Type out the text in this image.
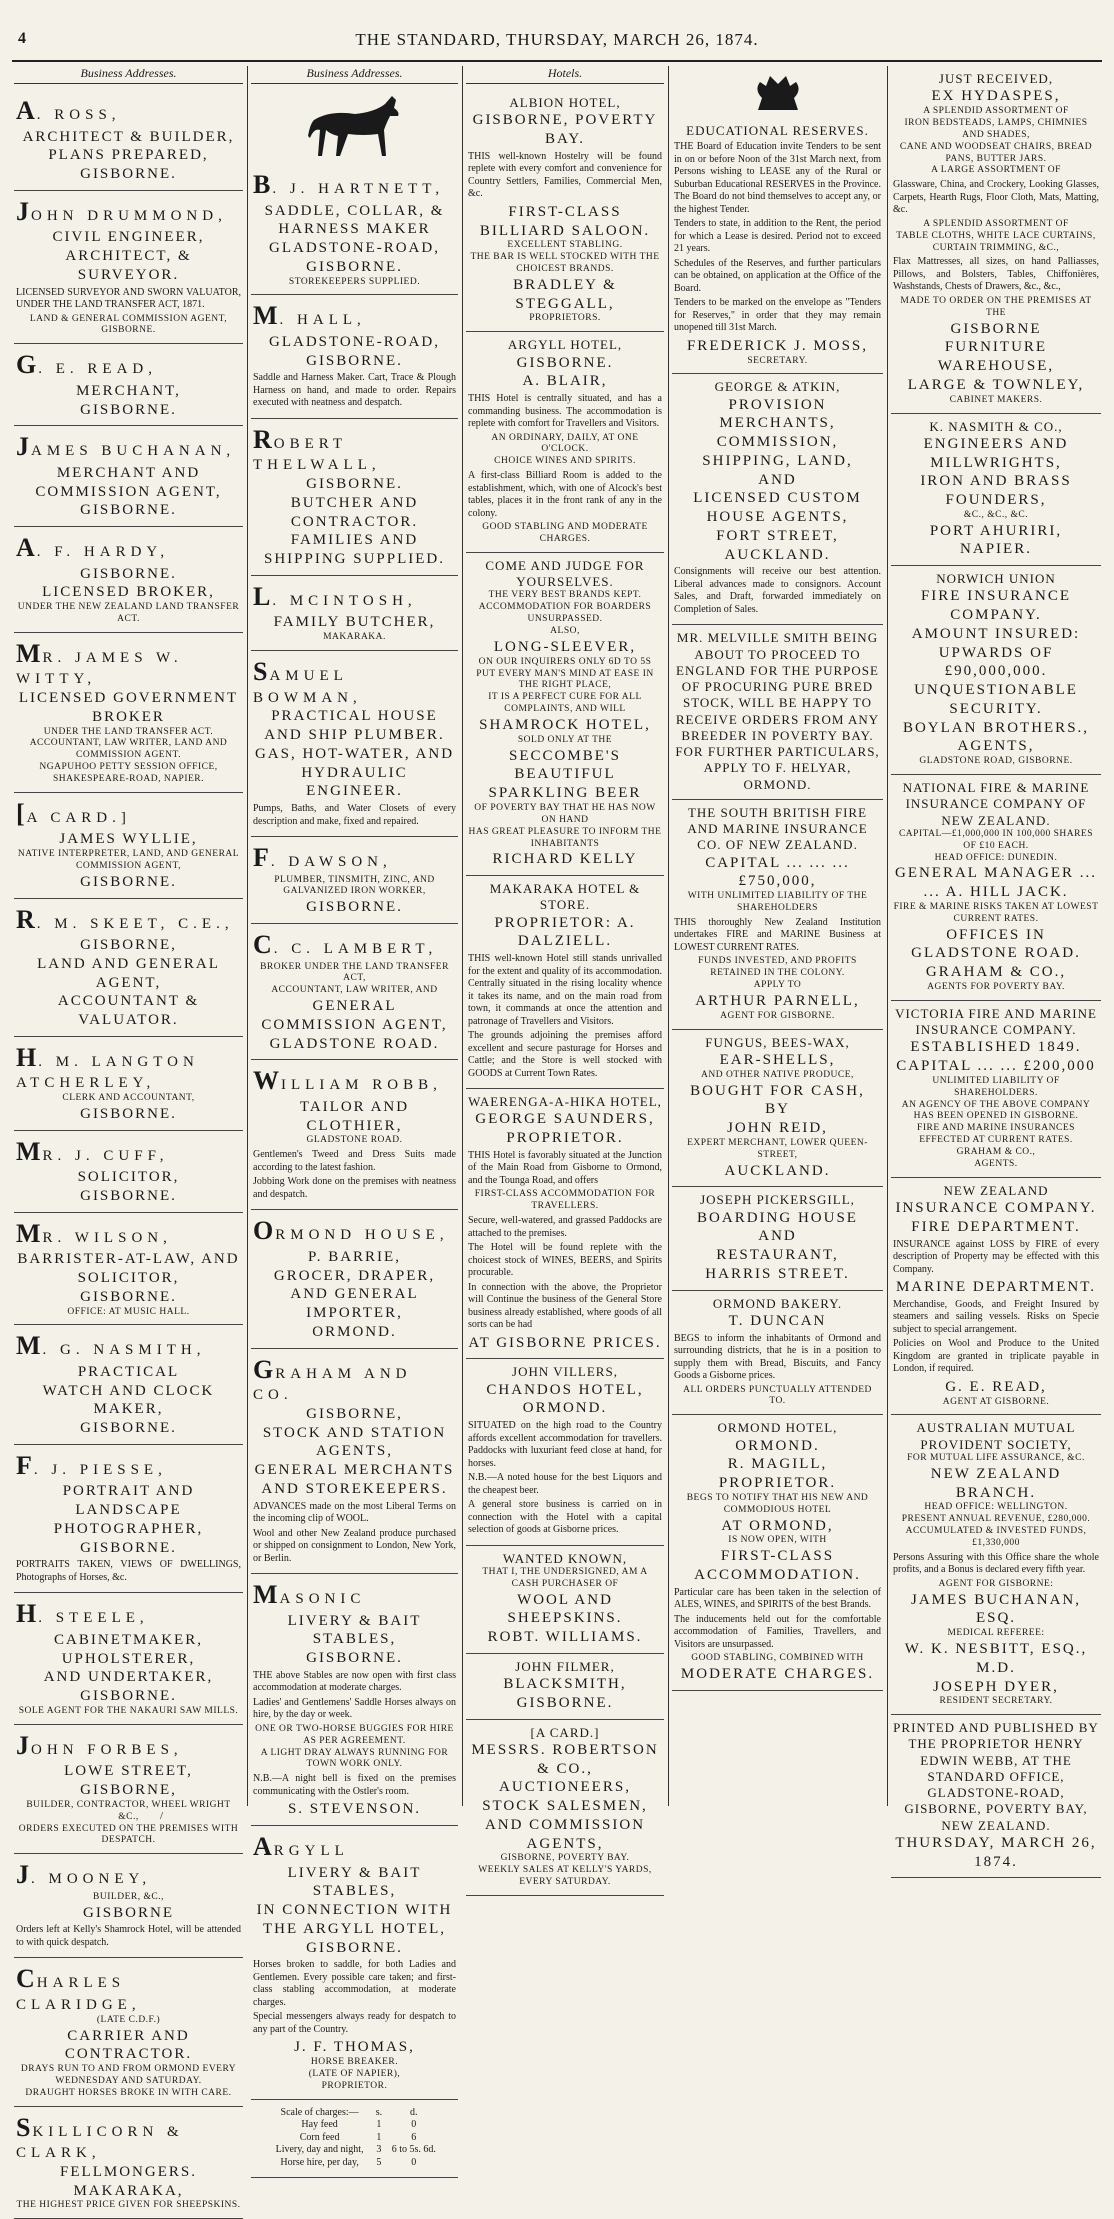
4	THE STANDARD, THURSDAY, MARCH 26, 1874.
Business Addresses.
A. ROSS,
ARCHITECT & BUILDER,
PLANS PREPARED,
GISBORNE.
JOHN DRUMMOND,
CIVIL ENGINEER, ARCHITECT, & SURVEYOR.

LICENSED SURVEYOR AND SWORN VALUATOR, UNDER THE LAND TRANSFER ACT, 1871.

LAND & GENERAL COMMISSION AGENT, GISBORNE.
G. E. READ,
MERCHANT,
GISBORNE.
JAMES BUCHANAN,
MERCHANT AND COMMISSION AGENT,
GISBORNE.
A. F. HARDY,
GISBORNE.
LICENSED BROKER,
UNDER THE NEW ZEALAND LAND TRANSFER ACT.
MR. JAMES W. WITTY,
LICENSED GOVERNMENT BROKER
UNDER THE LAND TRANSFER ACT.
ACCOUNTANT, LAW WRITER, LAND AND COMMISSION AGENT.
NGAPUHOO PETTY SESSION OFFICE, SHAKESPEARE-ROAD, NAPIER.
[A CARD.]
JAMES WYLLIE,
NATIVE INTERPRETER, LAND, AND GENERAL COMMISSION AGENT,
GISBORNE.
R. M. SKEET, C.E.,
GISBORNE,
LAND AND GENERAL AGENT,
ACCOUNTANT & VALUATOR.
H. M. LANGTON ATCHERLEY,
CLERK AND ACCOUNTANT,
GISBORNE.
MR. J. CUFF,
SOLICITOR,
GISBORNE.
MR. WILSON,
BARRISTER-AT-LAW, AND SOLICITOR,
GISBORNE.
OFFICE: AT MUSIC HALL.
M. G. NASMITH,
PRACTICAL
WATCH AND CLOCK MAKER,
GISBORNE.
F. J. PIESSE,
PORTRAIT AND LANDSCAPE
PHOTOGRAPHER,
GISBORNE.

PORTRAITS TAKEN, VIEWS OF DWELLINGS, Photographs of Horses, &c.

H. STEELE,
CABINETMAKER, UPHOLSTERER,
AND UNDERTAKER, GISBORNE.
SOLE AGENT FOR THE NAKAURI SAW MILLS.
JOHN FORBES,
LOWE STREET, GISBORNE,
BUILDER, CONTRACTOR, WHEEL WRIGHT &C.,
ORDERS EXECUTED ON THE PREMISES WITH DESPATCH.
J. MOONEY,
BUILDER, &C.,
GISBORNE

Orders left at Kelly's Shamrock Hotel, will be attended to with quick despatch.

CHARLES CLARIDGE,
(LATE C.D.F.)
CARRIER AND CONTRACTOR.
DRAYS RUN TO AND FROM ORMOND EVERY WEDNESDAY AND SATURDAY.
DRAUGHT HORSES BROKE IN WITH CARE.
SKILLICORN & CLARK,
FELLMONGERS.
MAKARAKA,
THE HIGHEST PRICE GIVEN FOR SHEEPSKINS.
Business Addresses.
B. J. HARTNETT,
SADDLE, COLLAR, & HARNESS MAKER
GLADSTONE-ROAD, GISBORNE.
STOREKEEPERS SUPPLIED.
M. HALL,
GLADSTONE-ROAD,
GISBORNE.

Saddle and Harness Maker. Cart, Trace & Plough Harness on hand, and made to order. Repairs executed with neatness and despatch.

ROBERT THELWALL,
GISBORNE.
BUTCHER AND CONTRACTOR.
FAMILIES AND SHIPPING SUPPLIED.
L. MCINTOSH,
FAMILY BUTCHER,
MAKARAKA.
SAMUEL BOWMAN,
PRACTICAL HOUSE AND SHIP PLUMBER.
GAS, HOT-WATER, AND HYDRAULIC ENGINEER.

Pumps, Baths, and Water Closets of every description and make, fixed and repaired.

F. DAWSON,
PLUMBER, TINSMITH, ZINC, AND GALVANIZED IRON WORKER,
GISBORNE.
C. C. LAMBERT,
BROKER UNDER THE LAND TRANSFER ACT,
ACCOUNTANT, LAW WRITER, AND
GENERAL COMMISSION AGENT,
GLADSTONE ROAD.
WILLIAM ROBB,
TAILOR AND CLOTHIER,
GLADSTONE ROAD.

Gentlemen's Tweed and Dress Suits made according to the latest fashion.

Jobbing Work done on the premises with neatness and despatch.

ORMOND HOUSE,
P. BARRIE,
GROCER, DRAPER, AND GENERAL IMPORTER,
ORMOND.
GRAHAM AND CO.
GISBORNE,
STOCK AND STATION AGENTS,
GENERAL MERCHANTS AND STOREKEEPERS.

ADVANCES made on the most Liberal Terms on the incoming clip of WOOL.

Wool and other New Zealand produce purchased or shipped on consignment to London, New York, or Berlin.

MASONIC
LIVERY & BAIT STABLES,
GISBORNE.

THE above Stables are now open with first class accommodation at moderate charges.

Ladies' and Gentlemens' Saddle Horses always on hire, by the day or week.

ONE OR TWO-HORSE BUGGIES FOR HIRE AS PER AGREEMENT.
A LIGHT DRAY ALWAYS RUNNING FOR TOWN WORK ONLY.

N.B.—A night bell is fixed on the premises communicating with the Ostler's room.

S. STEVENSON.
ARGYLL
LIVERY & BAIT STABLES,
IN CONNECTION WITH THE ARGYLL HOTEL,
GISBORNE.

Horses broken to saddle, for both Ladies and Gentlemen. Every possible care taken; and first-class stabling accommodation, at moderate charges.

Special messengers always ready for despatch to any part of the Country.

J. F. THOMAS,
HORSE BREAKER.
(LATE OF NAPIER),
PROPRIETOR.
Scale of charges:—	s.	d.
Hay feed	1	0
Corn feed	1	6
Livery, day and night,	3	6 to 5s. 6d.
Horse hire, per day,	5	0
Hotels.
ALBION HOTEL,
GISBORNE, POVERTY BAY.

THIS well-known Hostelry will be found replete with every comfort and convenience for Country Settlers, Families, Commercial Men, &c.

FIRST-CLASS BILLIARD SALOON.
EXCELLENT STABLING.
THE BAR IS WELL STOCKED WITH THE CHOICEST BRANDS.
BRADLEY & STEGGALL,
PROPRIETORS.
ARGYLL HOTEL,
GISBORNE.
A. BLAIR,

THIS Hotel is centrally situated, and has a commanding business. The accommodation is replete with comfort for Travellers and Visitors.

AN ORDINARY, DAILY, AT ONE O'CLOCK.
CHOICE WINES AND SPIRITS.

A first-class Billiard Room is added to the establishment, which, with one of Alcock's best tables, places it in the front rank of any in the colony.

GOOD STABLING AND MODERATE CHARGES.
COME AND JUDGE FOR YOURSELVES.
THE VERY BEST BRANDS KEPT.
ACCOMMODATION FOR BOARDERS UNSURPASSED.
ALSO,
LONG-SLEEVER,
ON OUR INQUIRERS ONLY 6D TO 5S
PUT EVERY MAN'S MIND AT EASE IN THE RIGHT PLACE,
IT IS A PERFECT CURE FOR ALL COMPLAINTS, AND WILL
SHAMROCK HOTEL,
SOLD ONLY AT THE
SECCOMBE'S BEAUTIFUL SPARKLING BEER
OF POVERTY BAY THAT HE HAS NOW ON HAND
HAS GREAT PLEASURE TO INFORM THE INHABITANTS
RICHARD KELLY
MAKARAKA HOTEL & STORE.
PROPRIETOR: A. DALZIELL.

THIS well-known Hotel still stands unrivalled for the extent and quality of its accommodation. Centrally situated in the rising locality whence it takes its name, and on the main road from town, it commands at once the attention and patronage of Travellers and Visitors.

The grounds adjoining the premises afford excellent and secure pasturage for Horses and Cattle; and the Store is well stocked with GOODS at Current Town Rates.

WAERENGA-A-HIKA HOTEL,
GEORGE SAUNDERS, PROPRIETOR.

THIS Hotel is favorably situated at the Junction of the Main Road from Gisborne to Ormond, and the Tounga Road, and offers

FIRST-CLASS ACCOMMODATION FOR TRAVELLERS.

Secure, well-watered, and grassed Paddocks are attached to the premises.

The Hotel will be found replete with the choicest stock of WINES, BEERS, and Spirits procurable.

In connection with the above, the Proprietor will Continue the business of the General Store business already established, where goods of all sorts can be had

AT GISBORNE PRICES.
JOHN VILLERS,
CHANDOS HOTEL,
ORMOND.

SITUATED on the high road to the Country affords excellent accommodation for travellers. Paddocks with luxuriant feed close at hand, for horses.

N.B.—A noted house for the best Liquors and the cheapest beer.

A general store business is carried on in connection with the Hotel with a capital selection of goods at Gisborne prices.

WANTED KNOWN,
THAT I, THE UNDERSIGNED, AM A CASH PURCHASER OF
WOOL AND SHEEPSKINS.
ROBT. WILLIAMS.
JOHN FILMER,
BLACKSMITH,
GISBORNE.
[A CARD.]
MESSRS. ROBERTSON & CO.,
AUCTIONEERS, STOCK SALESMEN,
AND COMMISSION AGENTS,
GISBORNE, POVERTY BAY.
WEEKLY SALES AT KELLY'S YARDS, EVERY SATURDAY.
EDUCATIONAL RESERVES.

THE Board of Education invite Tenders to be sent in on or before Noon of the 31st March next, from Persons wishing to LEASE any of the Rural or Suburban Educational RESERVES in the Province. The Board do not bind themselves to accept any, or the highest Tender.

Tenders to state, in addition to the Rent, the period for which a Lease is desired. Period not to exceed 21 years.

Schedules of the Reserves, and further particulars can be obtained, on application at the Office of the Board.

Tenders to be marked on the envelope as "Tenders for Reserves," in order that they may remain unopened till 31st March.

FREDERICK J. MOSS,
SECRETARY.
GEORGE & ATKIN,
PROVISION MERCHANTS,
COMMISSION,
SHIPPING, LAND,
AND
LICENSED CUSTOM HOUSE AGENTS,
FORT STREET,
AUCKLAND.

Consignments will receive our best attention. Liberal advances made to consignors. Account Sales, and Draft, forwarded immediately on Completion of Sales.

MR. MELVILLE SMITH BEING ABOUT TO PROCEED TO ENGLAND FOR THE PURPOSE OF PROCURING PURE BRED STOCK, WILL BE HAPPY TO RECEIVE ORDERS FROM ANY BREEDER IN POVERTY BAY. FOR FURTHER PARTICULARS, APPLY TO F. HELYAR, ORMOND.
THE SOUTH BRITISH FIRE AND MARINE INSURANCE CO. OF NEW ZEALAND.
CAPITAL ... ... ... £750,000,
WITH UNLIMITED LIABILITY OF THE SHAREHOLDERS

THIS thoroughly New Zealand Institution undertakes FIRE and MARINE Business at LOWEST CURRENT RATES.

FUNDS INVESTED, AND PROFITS RETAINED IN THE COLONY.
APPLY TO
ARTHUR PARNELL,
AGENT FOR GISBORNE.
FUNGUS, BEES-WAX,
EAR-SHELLS,
AND OTHER NATIVE PRODUCE,
BOUGHT FOR CASH,
BY
JOHN REID,
EXPERT MERCHANT, LOWER QUEEN-STREET,
AUCKLAND.
JOSEPH PICKERSGILL,
BOARDING HOUSE
AND
RESTAURANT,
HARRIS STREET.
ORMOND BAKERY.
T. DUNCAN

BEGS to inform the inhabitants of Ormond and surrounding districts, that he is in a position to supply them with Bread, Biscuits, and Fancy Goods a Gisborne prices.

ALL ORDERS PUNCTUALLY ATTENDED TO.
ORMOND HOTEL,
ORMOND.
R. MAGILL,
PROPRIETOR.
BEGS TO NOTIFY THAT HIS NEW AND COMMODIOUS HOTEL
AT ORMOND,
IS NOW OPEN, WITH
FIRST-CLASS ACCOMMODATION.

Particular care has been taken in the selection of ALES, WINES, and SPIRITS of the best Brands.

The inducements held out for the comfortable accommodation of Families, Travellers, and Visitors are unsurpassed.

GOOD STABLING, COMBINED WITH
MODERATE CHARGES.
JUST RECEIVED,
EX HYDASPES,
A SPLENDID ASSORTMENT OF
IRON BEDSTEADS, LAMPS, CHIMNIES AND SHADES,
CANE AND WOODSEAT CHAIRS, BREAD PANS, BUTTER JARS.
A LARGE ASSORTMENT OF

Glassware, China, and Crockery, Looking Glasses, Carpets, Hearth Rugs, Floor Cloth, Mats, Matting, &c.

A SPLENDID ASSORTMENT OF
TABLE CLOTHS, WHITE LACE CURTAINS, CURTAIN TRIMMING, &C.,

Flax Mattresses, all sizes, on hand Palliasses, Pillows, and Bolsters, Tables, Chiffonières, Washstands, Chests of Drawers, &c., &c.,

MADE TO ORDER ON THE PREMISES AT THE
GISBORNE
FURNITURE WAREHOUSE,
LARGE & TOWNLEY,
CABINET MAKERS.
K. NASMITH & CO.,
ENGINEERS AND MILLWRIGHTS,
IRON AND BRASS FOUNDERS,
&C., &C., &C.
PORT AHURIRI,
NAPIER.
NORWICH UNION
FIRE INSURANCE COMPANY.
AMOUNT INSURED:
UPWARDS OF £90,000,000.
UNQUESTIONABLE SECURITY.
BOYLAN BROTHERS., AGENTS,
GLADSTONE ROAD, GISBORNE.
NATIONAL FIRE & MARINE INSURANCE COMPANY OF NEW ZEALAND.
CAPITAL—£1,000,000 IN 100,000 SHARES OF £10 EACH.
HEAD OFFICE: DUNEDIN.
GENERAL MANAGER ... ... A. HILL JACK.
FIRE & MARINE RISKS TAKEN AT LOWEST CURRENT RATES.
OFFICES IN GLADSTONE ROAD.
GRAHAM & CO.,
AGENTS FOR POVERTY BAY.
VICTORIA FIRE AND MARINE INSURANCE COMPANY.
ESTABLISHED 1849.
CAPITAL ... ... £200,000
UNLIMITED LIABILITY OF SHAREHOLDERS.
AN AGENCY OF THE ABOVE COMPANY HAS BEEN OPENED IN GISBORNE.
FIRE AND MARINE INSURANCES EFFECTED AT CURRENT RATES.
GRAHAM & CO.,
AGENTS.
NEW ZEALAND
INSURANCE COMPANY.
FIRE DEPARTMENT.

INSURANCE against LOSS by FIRE of every description of Property may be effected with this Company.

MARINE DEPARTMENT.

Merchandise, Goods, and Freight Insured by steamers and sailing vessels. Risks on Specie subject to special arrangement.

Policies on Wool and Produce to the United Kingdom are granted in triplicate payable in London, if required.

G. E. READ,
AGENT AT GISBORNE.
AUSTRALIAN MUTUAL PROVIDENT SOCIETY,
FOR MUTUAL LIFE ASSURANCE, &C.
NEW ZEALAND BRANCH.
HEAD OFFICE: WELLINGTON.
PRESENT ANNUAL REVENUE, £280,000.
ACCUMULATED & INVESTED FUNDS, £1,330,000

Persons Assuring with this Office share the whole profits, and a Bonus is declared every fifth year.

AGENT FOR GISBORNE:
JAMES BUCHANAN, ESQ.
MEDICAL REFEREE:
W. K. NESBITT, ESQ., M.D.
JOSEPH DYER,
RESIDENT SECRETARY.
PRINTED AND PUBLISHED BY THE PROPRIETOR HENRY EDWIN WEBB, AT THE STANDARD OFFICE, GLADSTONE-ROAD, GISBORNE, POVERTY BAY, NEW ZEALAND.
THURSDAY, MARCH 26, 1874.
/
